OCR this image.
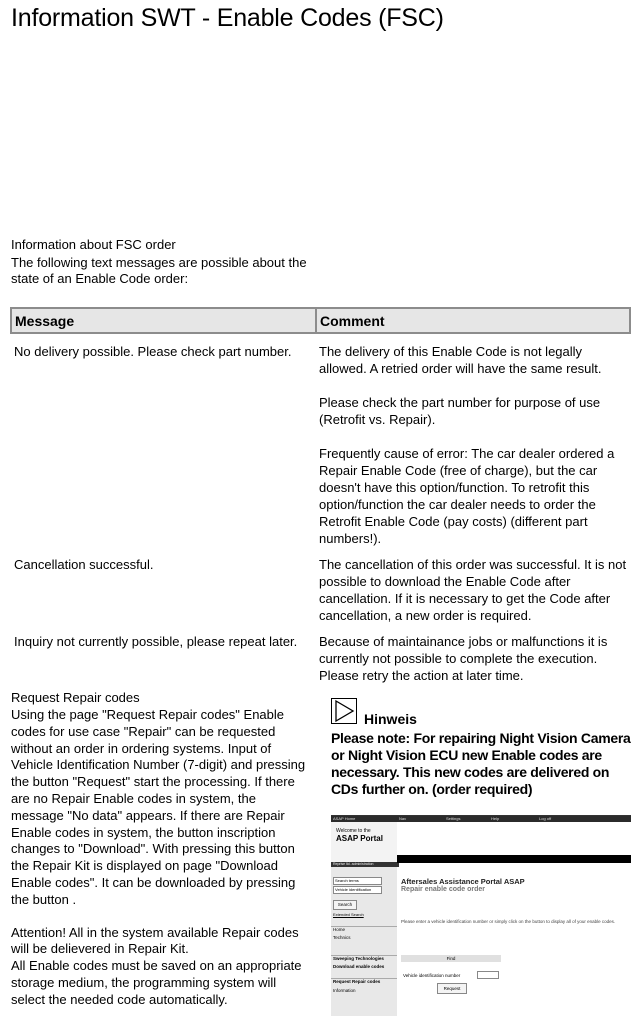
Information SWT - Enable Codes (FSC)
Information about FSC order
The following text messages are possible about the state of an Enable Code order:
Message	Comment
No delivery possible. Please check part number.	The delivery of this Enable Code is not legally allowed. A retried order will have the same result.

Please check the part number for purpose of use (Retrofit vs. Repair).

Frequently cause of error: The car dealer ordered a Repair Enable Code (free of charge), but the car doesn't have this option/function. To retrofit this option/function the car dealer needs to order the Retrofit Enable Code (pay costs) (different part numbers!).

Cancellation successful.	The cancellation of this order was successful. It is not possible to download the Enable Code after cancellation. If it is necessary to get the Code after cancellation, a new order is required.

Inquiry not currently possible, please repeat later.	Because of maintainance jobs or malfunctions it is currently not possible to complete the execution. Please retry the action at later time.

Request Repair codes

Using the page "Request Repair codes" Enable codes for use case "Repair" can be requested without an order in ordering systems. Input of Vehicle Identification Number (7-digit) and pressing the button "Request" start the processing. If there are no Repair Enable codes in system, the message "No data" appears. If there are Repair Enable codes in system, the button inscription changes to "Download". With pressing this button the Repair Kit is displayed on page "Download Enable codes". It can be downloaded by pressing the button .

Attention! All in the system available Repair codes will be delievered in Repair Kit.

All Enable codes must be saved on an appropriate storage medium, the programming system will select the needed code automatically.

Hinweis
Please note: For repairing Night Vision Camera or Night Vision ECU new Enable codes are necessary. This new codes are delivered on CDs further on. (order required)
ASAP Home	Nav	Settings	Help	Log off
Welcome to the
ASAP Portal
Reprise ltd. administration
Search terms
Vehicle identification
Search
Extended Search
Home
Technics
Sweeping Technologies
Download enable codes
Request Repair codes
Information
Aftersales Assistance Portal ASAP
Repair enable code order
Please enter a vehicle identification number or simply click on the button to display all of your enable codes.
Find
Vehicle identification number
Request
